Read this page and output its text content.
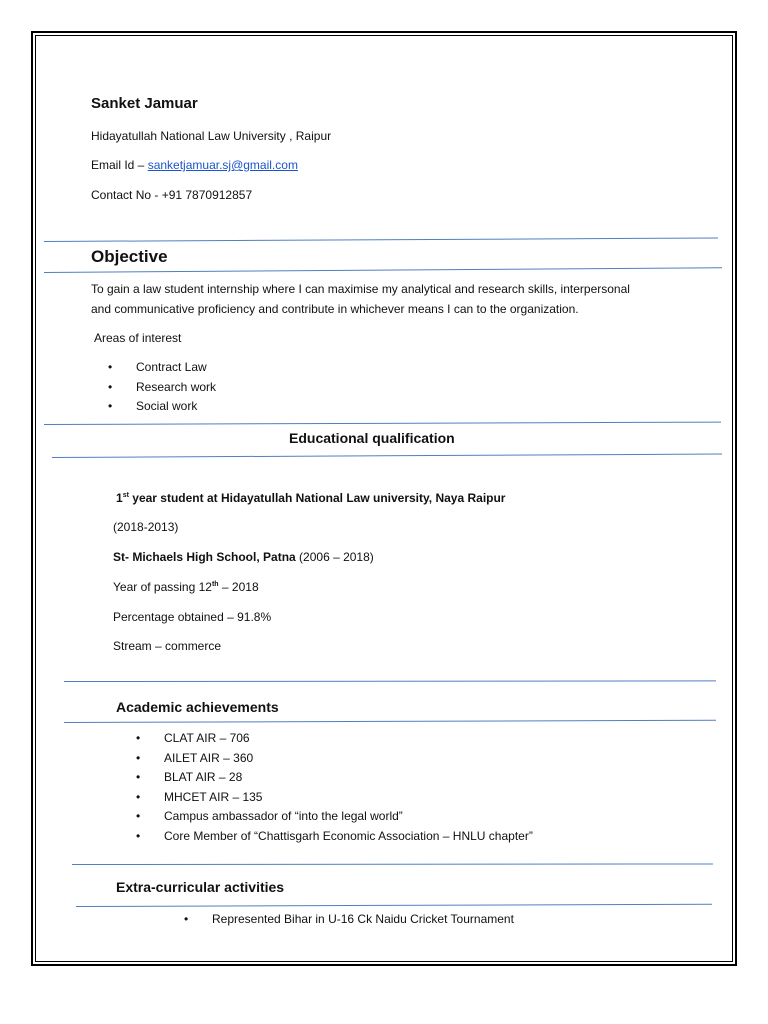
Sanket Jamuar
Hidayatullah National Law University , Raipur
Email Id – sanketjamuar.sj@gmail.com
Contact No - +91 7870912857
Objective
To gain a law student internship where I can maximise my analytical and research skills, interpersonal
and communicative proficiency and contribute in whichever means I can to the organization.
Areas of interest
• Contract Law
• Research work
• Social work
Educational qualification
1st year student at Hidayatullah National Law university, Naya Raipur
(2018-2013)
St- Michaels High School, Patna (2006 – 2018)
Year of passing 12th – 2018
Percentage obtained – 91.8%
Stream – commerce
Academic achievements
• CLAT AIR – 706
• AILET AIR – 360
• BLAT AIR – 28
• MHCET AIR – 135
• Campus ambassador of “into the legal world”
• Core Member of “Chattisgarh Economic Association – HNLU chapter”
Extra-curricular activities
• Represented Bihar in U-16 Ck Naidu Cricket Tournament
